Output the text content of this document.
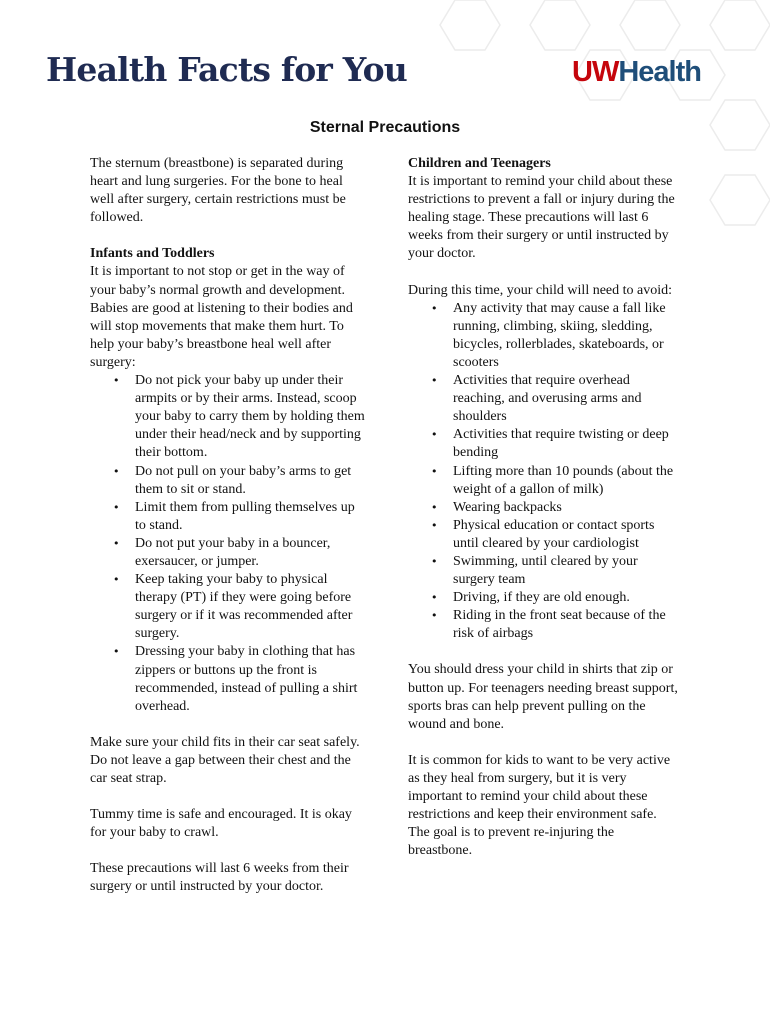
Health Facts for You	UWHealth
Sternal Precautions

The sternum (breastbone) is separated during heart and lung surgeries. For the bone to heal well after surgery, certain restrictions must be followed.

Infants and Toddlers

It is important to not stop or get in the way of your baby’s normal growth and development. Babies are good at listening to their bodies and will stop movements that make them hurt. To help your baby’s breastbone heal well after surgery:

• Do not pick your baby up under their armpits or by their arms. Instead, scoop your baby to carry them by holding them under their head/neck and by supporting their bottom.
• Do not pull on your baby’s arms to get them to sit or stand.
• Limit them from pulling themselves up to stand.
• Do not put your baby in a bouncer, exersaucer, or jumper.
• Keep taking your baby to physical therapy (PT) if they were going before surgery or if it was recommended after surgery.
• Dressing your baby in clothing that has zippers or buttons up the front is recommended, instead of pulling a shirt overhead.

Make sure your child fits in their car seat safely. Do not leave a gap between their chest and the car seat strap.

Tummy time is safe and encouraged. It is okay for your baby to crawl.

These precautions will last 6 weeks from their surgery or until instructed by your doctor.

Children and Teenagers

It is important to remind your child about these restrictions to prevent a fall or injury during the healing stage. These precautions will last 6 weeks from their surgery or until instructed by your doctor.

During this time, your child will need to avoid:

• Any activity that may cause a fall like running, climbing, skiing, sledding, bicycles, rollerblades, skateboards, or scooters
• Activities that require overhead reaching, and overusing arms and shoulders
• Activities that require twisting or deep bending
• Lifting more than 10 pounds (about the weight of a gallon of milk)
• Wearing backpacks
• Physical education or contact sports until cleared by your cardiologist
• Swimming, until cleared by your surgery team
• Driving, if they are old enough.
• Riding in the front seat because of the risk of airbags

You should dress your child in shirts that zip or button up. For teenagers needing breast support, sports bras can help prevent pulling on the wound and bone.

It is common for kids to want to be very active as they heal from surgery, but it is very important to remind your child about these restrictions and keep their environment safe. The goal is to prevent re-injuring the breastbone.
